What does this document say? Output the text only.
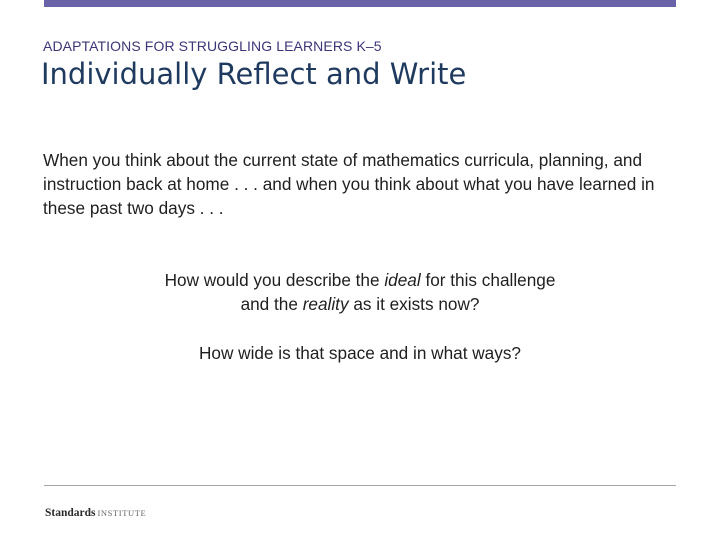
ADAPTATIONS FOR STRUGGLING LEARNERS K–5
Individually Reflect and Write

When you think about the current state of mathematics curricula, planning, and instruction back at home . . . and when you think about what you have learned in these past two days . . .

How would you describe the ideal for this challenge
and the reality as it exists now?

How wide is that space and in what ways?

Standards INSTITUTE
